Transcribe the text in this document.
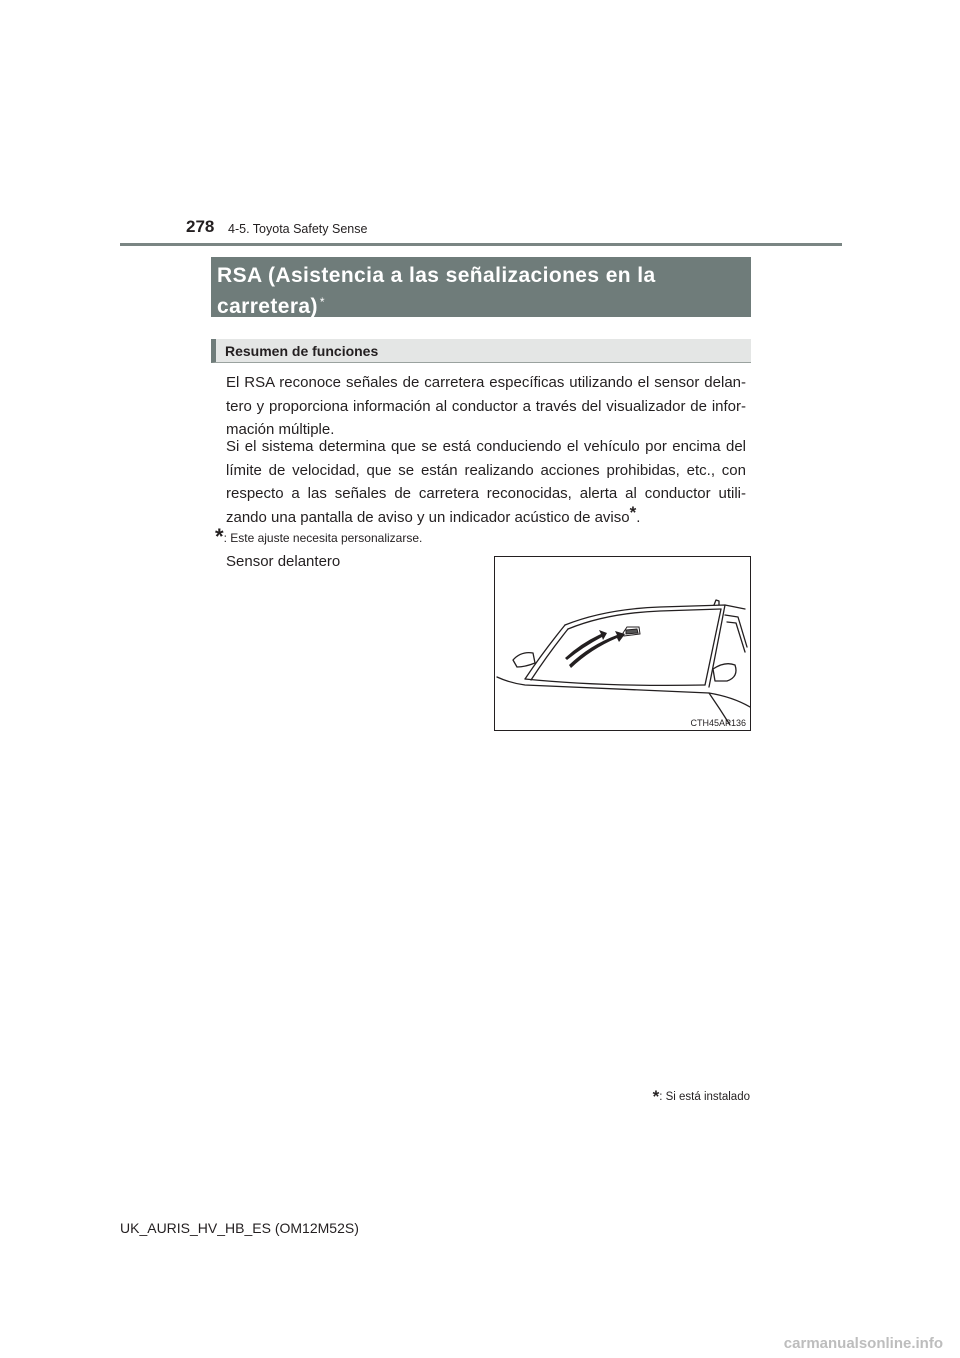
278 4-5. Toyota Safety Sense
RSA (Asistencia a las señalizaciones en la
carretera) *
Resumen de funciones
El RSA reconoce señales de carretera específicas utilizando el sensor delan-tero y proporciona información al conductor a través del visualizador de infor-mación múltiple.
Si el sistema determina que se está conduciendo el vehículo por encima del límite de velocidad, que se están realizando acciones prohibidas, etc., con respecto a las señales de carretera reconocidas, alerta al conductor utili-zando una pantalla de aviso y un indicador acústico de aviso*.
*: Este ajuste necesita personalizarse.
Sensor delantero
CTH45AP136
*: Si está instalado
UK_AURIS_HV_HB_ES (OM12M52S)
carmanualsonline.info
